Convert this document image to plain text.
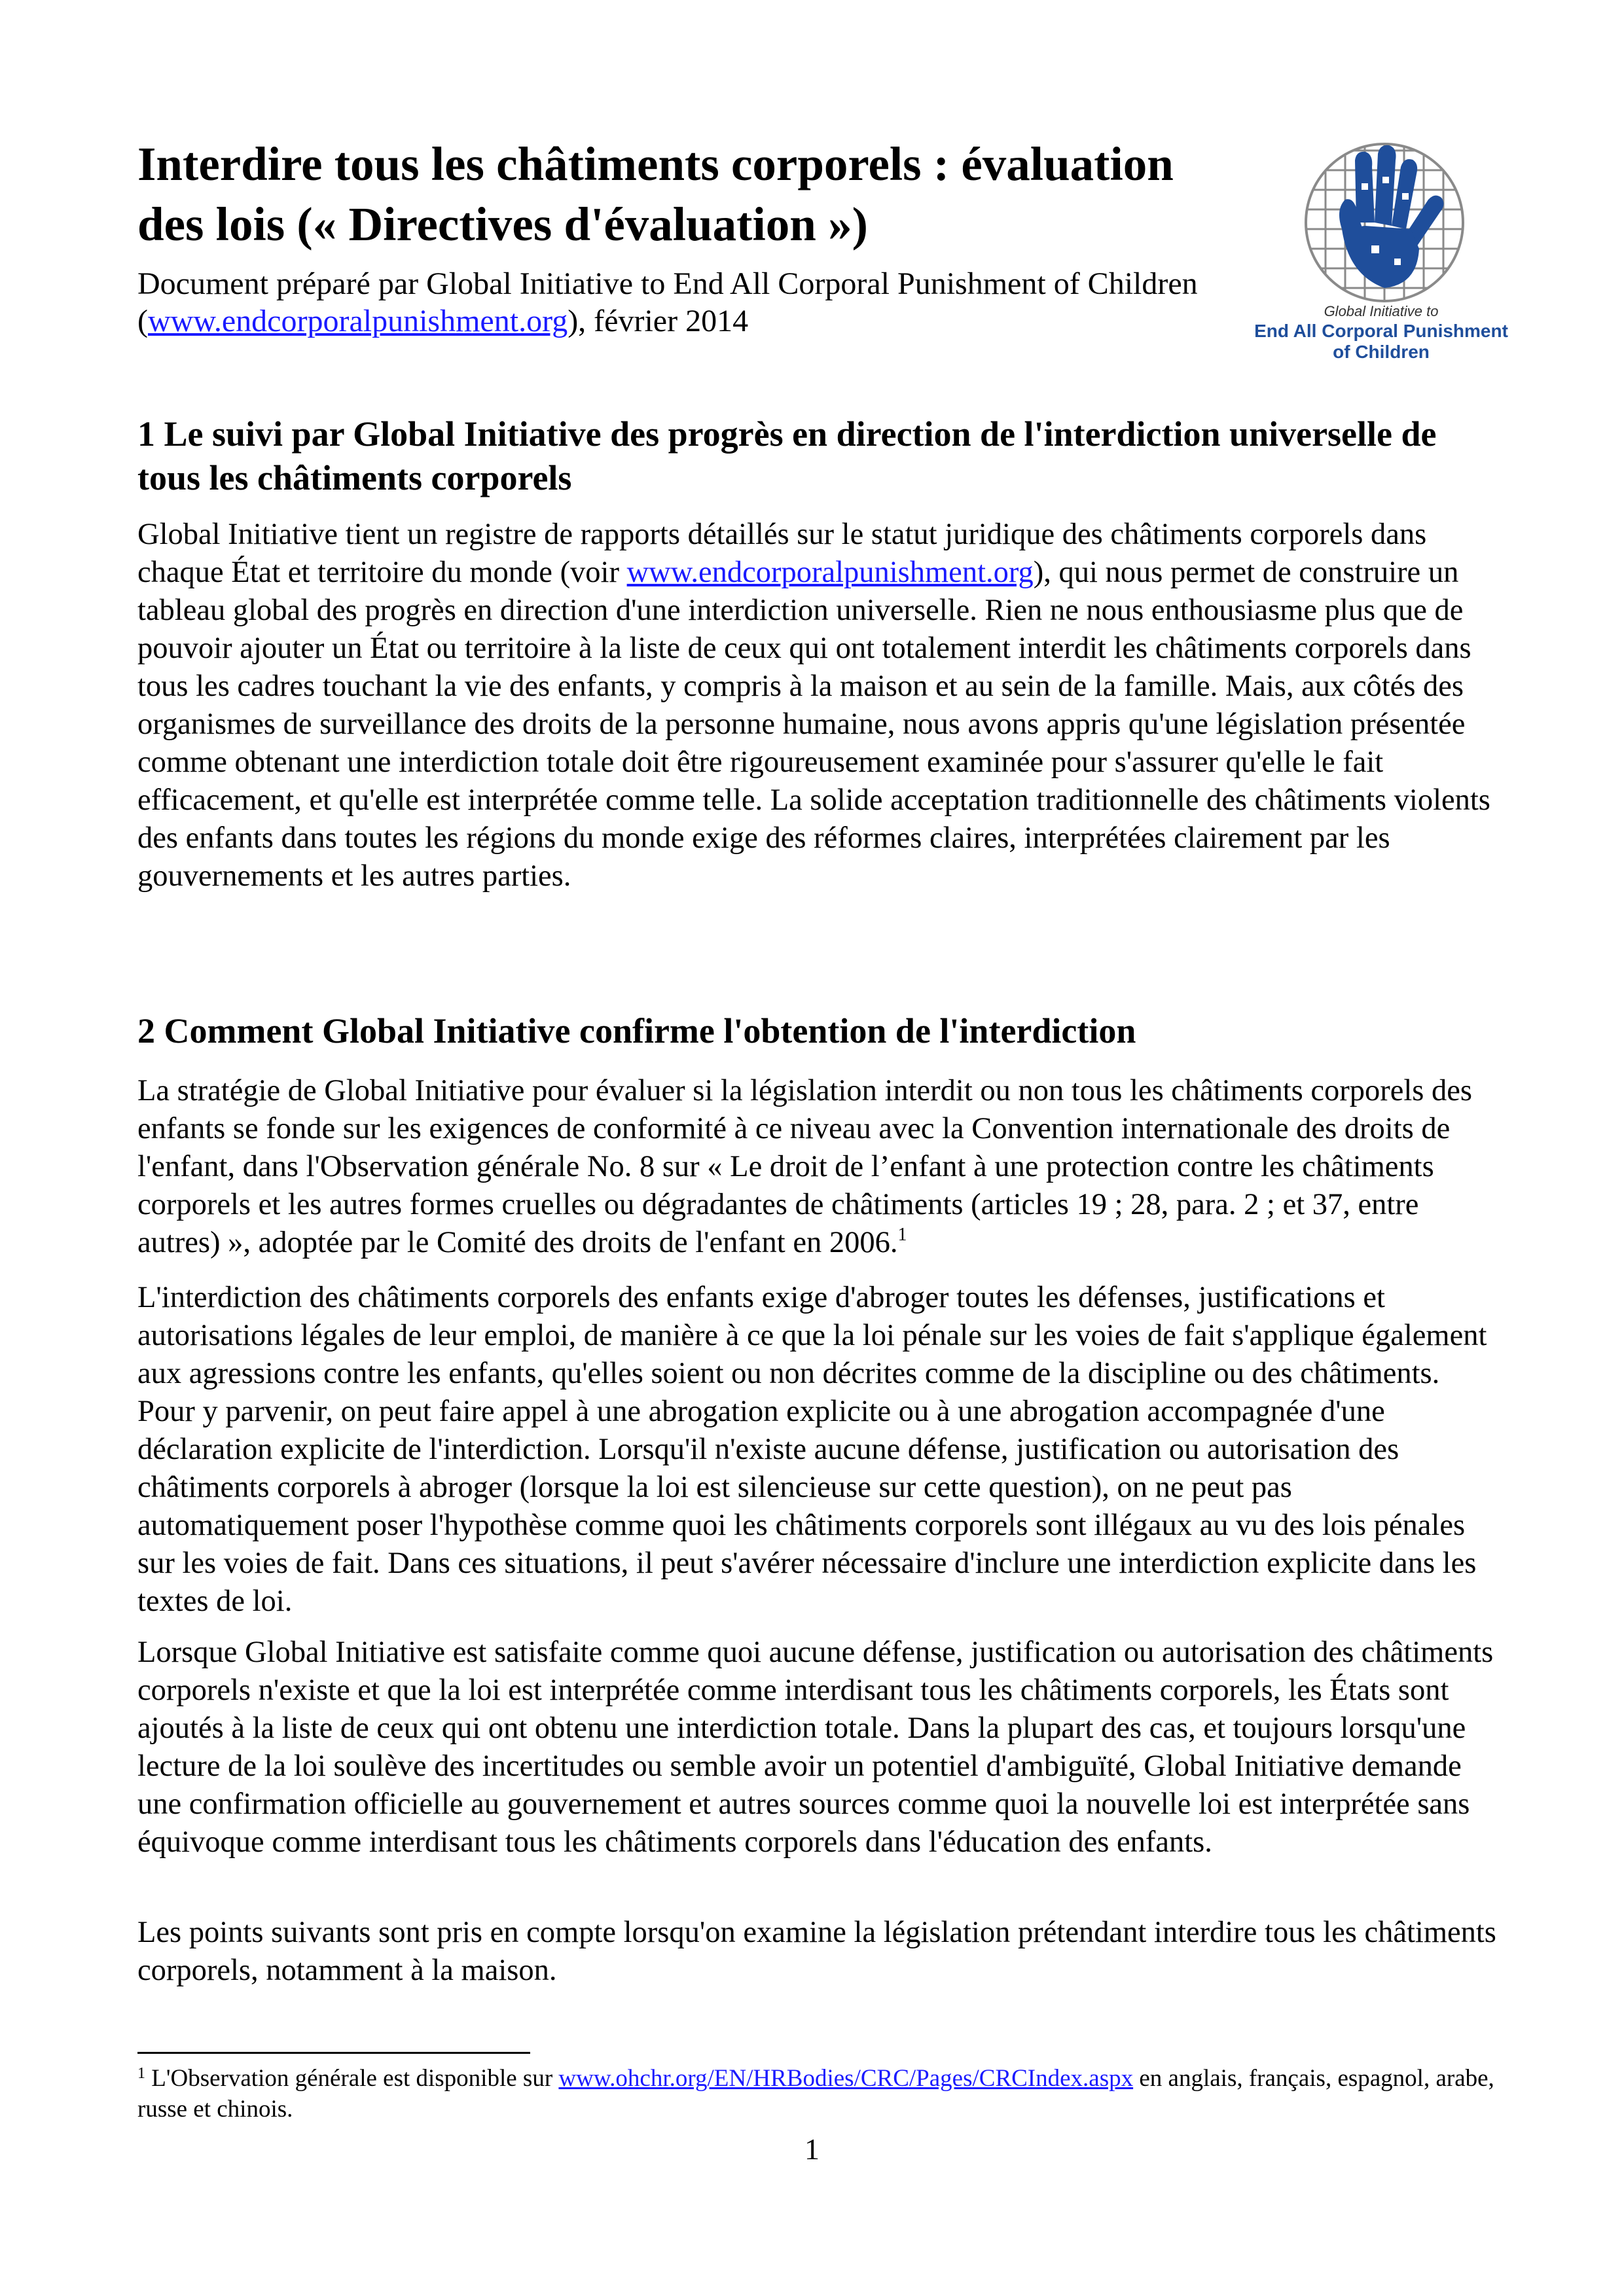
Interdire tous les châtiments corporels : évaluation des lois (« Directives d'évaluation »)

Document préparé par Global Initiative to End All Corporal Punishment of Children (www.endcorporalpunishment.org), février 2014	Global Initiative to
End All Corporal Punishment
of Children
1 Le suivi par Global Initiative des progrès en direction de l'interdiction universelle de tous les châtiments corporels

Global Initiative tient un registre de rapports détaillés sur le statut juridique des châtiments corporels dans chaque État et territoire du monde (voir www.endcorporalpunishment.org), qui nous permet de construire un tableau global des progrès en direction d'une interdiction universelle. Rien ne nous enthousiasme plus que de pouvoir ajouter un État ou territoire à la liste de ceux qui ont totalement interdit les châtiments corporels dans tous les cadres touchant la vie des enfants, y compris à la maison et au sein de la famille. Mais, aux côtés des organismes de surveillance des droits de la personne humaine, nous avons appris qu'une législation présentée comme obtenant une interdiction totale doit être rigoureusement examinée pour s'assurer qu'elle le fait efficacement, et qu'elle est interprétée comme telle. La solide acceptation traditionnelle des châtiments violents des enfants dans toutes les régions du monde exige des réformes claires, interprétées clairement par les gouvernements et les autres parties.

2 Comment Global Initiative confirme l'obtention de l'interdiction

La stratégie de Global Initiative pour évaluer si la législation interdit ou non tous les châtiments corporels des enfants se fonde sur les exigences de conformité à ce niveau avec la Convention internationale des droits de l'enfant, dans l'Observation générale No. 8 sur « Le droit de l’enfant à une protection contre les châtiments corporels et les autres formes cruelles ou dégradantes de châtiments (articles 19 ; 28, para. 2 ; et 37, entre autres) », adoptée par le Comité des droits de l'enfant en 2006.$^1$

L'interdiction des châtiments corporels des enfants exige d'abroger toutes les défenses, justifications et autorisations légales de leur emploi, de manière à ce que la loi pénale sur les voies de fait s'applique également aux agressions contre les enfants, qu'elles soient ou non décrites comme de la discipline ou des châtiments. Pour y parvenir, on peut faire appel à une abrogation explicite ou à une abrogation accompagnée d'une déclaration explicite de l'interdiction. Lorsqu'il n'existe aucune défense, justification ou autorisation des châtiments corporels à abroger (lorsque la loi est silencieuse sur cette question), on ne peut pas automatiquement poser l'hypothèse comme quoi les châtiments corporels sont illégaux au vu des lois pénales sur les voies de fait. Dans ces situations, il peut s'avérer nécessaire d'inclure une interdiction explicite dans les textes de loi.

Lorsque Global Initiative est satisfaite comme quoi aucune défense, justification ou autorisation des châtiments corporels n'existe et que la loi est interprétée comme interdisant tous les châtiments corporels, les États sont ajoutés à la liste de ceux qui ont obtenu une interdiction totale. Dans la plupart des cas, et toujours lorsqu'une lecture de la loi soulève des incertitudes ou semble avoir un potentiel d'ambiguïté, Global Initiative demande une confirmation officielle au gouvernement et autres sources comme quoi la nouvelle loi est interprétée sans équivoque comme interdisant tous les châtiments corporels dans l'éducation des enfants.

Les points suivants sont pris en compte lorsqu'on examine la législation prétendant interdire tous les châtiments corporels, notamment à la maison.

$^1$ L'Observation générale est disponible sur www.ohchr.org/EN/HRBodies/CRC/Pages/CRCIndex.aspx en anglais, français, espagnol, arabe, russe et chinois.

1
